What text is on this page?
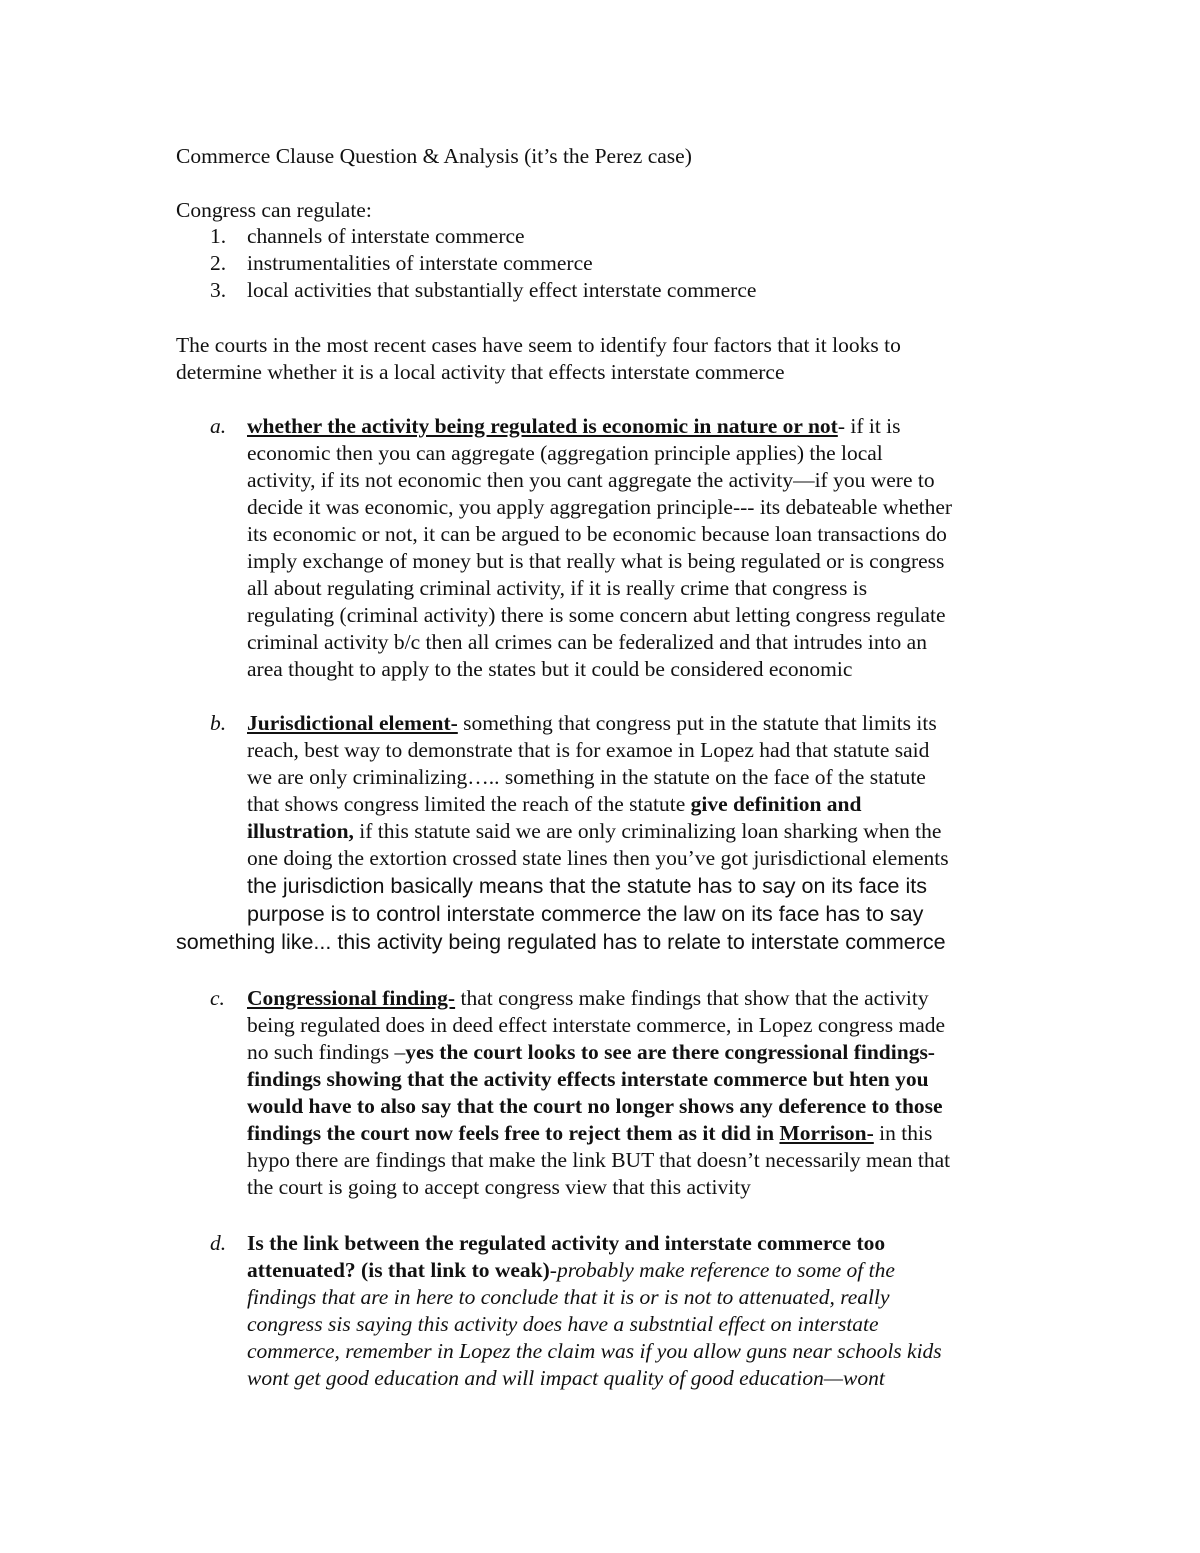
Commerce Clause Question & Analysis (it’s the Perez case)
Congress can regulate:
1. channels of interstate commerce
2. instrumentalities of interstate commerce
3. local activities that substantially effect interstate commerce
The courts in the most recent cases have seem to identify four factors that it looks to
determine whether it is a local activity that effects interstate commerce
a. whether the activity being regulated is economic in nature or not- if it is
economic then you can aggregate (aggregation principle applies) the local
activity, if its not economic then you cant aggregate the activity—if you were to
decide it was economic, you apply aggregation principle--- its debateable whether
its economic or not, it can be argued to be economic because loan transactions do
imply exchange of money but is that really what is being regulated or is congress
all about regulating criminal activity, if it is really crime that congress is
regulating (criminal activity) there is some concern abut letting congress regulate
criminal activity b/c then all crimes can be federalized and that intrudes into an
area thought to apply to the states but it could be considered economic
b. Jurisdictional element- something that congress put in the statute that limits its
reach, best way to demonstrate that is for examoe in Lopez had that statute said
we are only criminalizing….. something in the statute on the face of the statute
that shows congress limited the reach of the statute give definition and
illustration, if this statute said we are only criminalizing loan sharking when the
one doing the extortion crossed state lines then you’ve got jurisdictional elements
the jurisdiction basically means that the statute has to say on its face its
purpose is to control interstate commerce the law on its face has to say
something like... this activity being regulated has to relate to interstate commerce
c. Congressional finding- that congress make findings that show that the activity
being regulated does in deed effect interstate commerce, in Lopez congress made
no such findings –yes the court looks to see are there congressional findings-
findings showing that the activity effects interstate commerce but hten you
would have to also say that the court no longer shows any deference to those
findings the court now feels free to reject them as it did in Morrison- in this
hypo there are findings that make the link BUT that doesn’t necessarily mean that
the court is going to accept congress view that this activity
d. Is the link between the regulated activity and interstate commerce too
attenuated? (is that link to weak)-probably make reference to some of the
findings that are in here to conclude that it is or is not to attenuated, really
congress sis saying this activity does have a substntial effect on interstate
commerce, remember in Lopez the claim was if you allow guns near schools kids
wont get good education and will impact quality of good education—wont
